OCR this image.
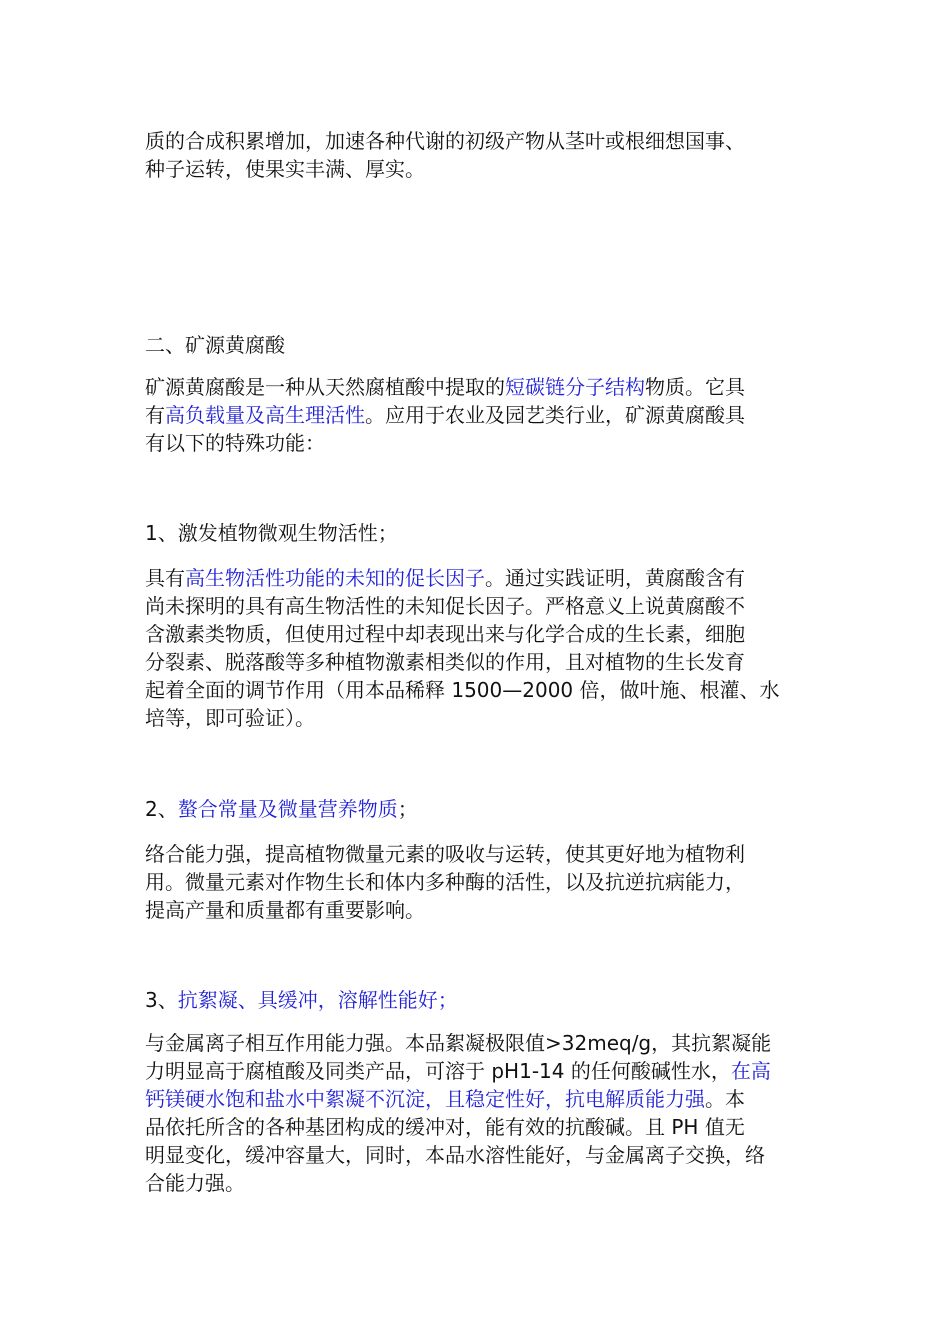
质的合成积累增加，加速各种代谢的初级产物从茎叶或根细想国事、
种子运转，使果实丰满、厚实。
二、矿源黄腐酸
矿源黄腐酸是一种从天然腐植酸中提取的短碳链分子结构物质。它具
有高负载量及高生理活性。应用于农业及园艺类行业，矿源黄腐酸具
有以下的特殊功能：
1、激发植物微观生物活性；
具有高生物活性功能的未知的促长因子。通过实践证明，黄腐酸含有
尚未探明的具有高生物活性的未知促长因子。严格意义上说黄腐酸不
含激素类物质，但使用过程中却表现出来与化学合成的生长素，细胞
分裂素、脱落酸等多种植物激素相类似的作用，且对植物的生长发育
起着全面的调节作用（用本品稀释 1500—2000 倍，做叶施、根灌、水
培等，即可验证）。
2、螯合常量及微量营养物质；
络合能力强，提高植物微量元素的吸收与运转，使其更好地为植物利
用。微量元素对作物生长和体内多种酶的活性，以及抗逆抗病能力，
提高产量和质量都有重要影响。
3、抗絮凝、具缓冲，溶解性能好；
与金属离子相互作用能力强。本品絮凝极限值>32meq/g，其抗絮凝能
力明显高于腐植酸及同类产品，可溶于 pH1-14 的任何酸碱性水，在高
钙镁硬水饱和盐水中絮凝不沉淀，且稳定性好，抗电解质能力强。本
品依托所含的各种基团构成的缓冲对，能有效的抗酸碱。且 PH 值无
明显变化，缓冲容量大，同时，本品水溶性能好，与金属离子交换，络
合能力强。
